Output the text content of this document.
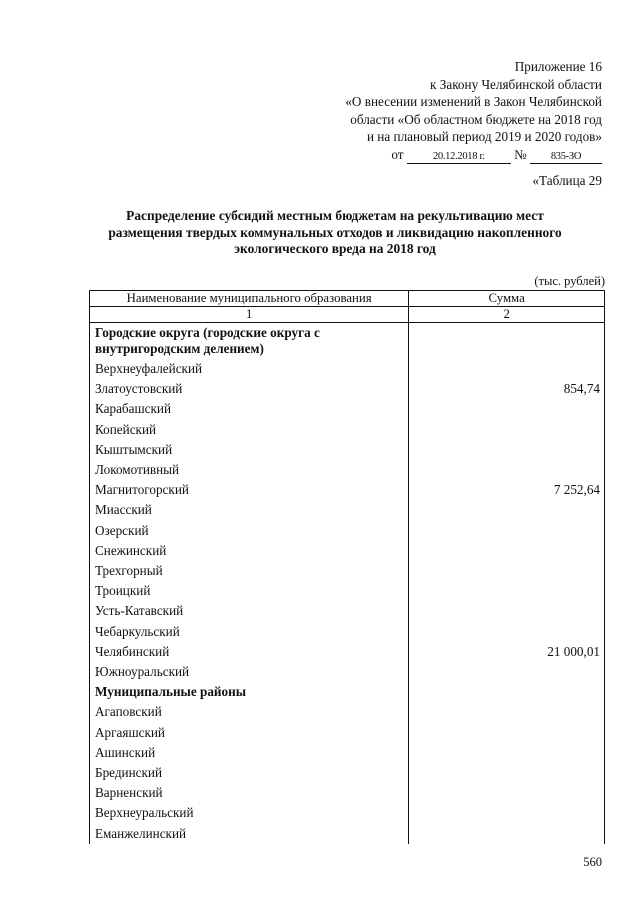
Приложение 16
к Закону Челябинской области
«О внесении изменений в Закон Челябинской
области «Об областном бюджете на 2018 год
и на плановый период 2019 и 2020 годов»
от	20.12.2018 г. № 835-ЗО
«Таблица 29
Распределение субсидий местным бюджетам на рекультивацию мест размещения твердых коммунальных отходов и ликвидацию накопленного экологического вреда на 2018 год
(тыс. рублей)
Наименование муниципального образования	Сумма
1	2
Городские округа (городские округа с внутригородским делением)	
Верхнеуфалейский	
Златоустовский	854,74
Карабашский	
Копейский	
Кыштымский	
Локомотивный	
Магнитогорский	7 252,64
Миасский	
Озерский	
Снежинский	
Трехгорный	
Троицкий	
Усть-Катавский	
Чебаркульский	
Челябинский	21 000,01
Южноуральский	
Муниципальные районы	
Агаповский	
Аргаяшский	
Ашинский	
Брединский	
Варненский	
Верхнеуральский	
Еманжелинский	
560
